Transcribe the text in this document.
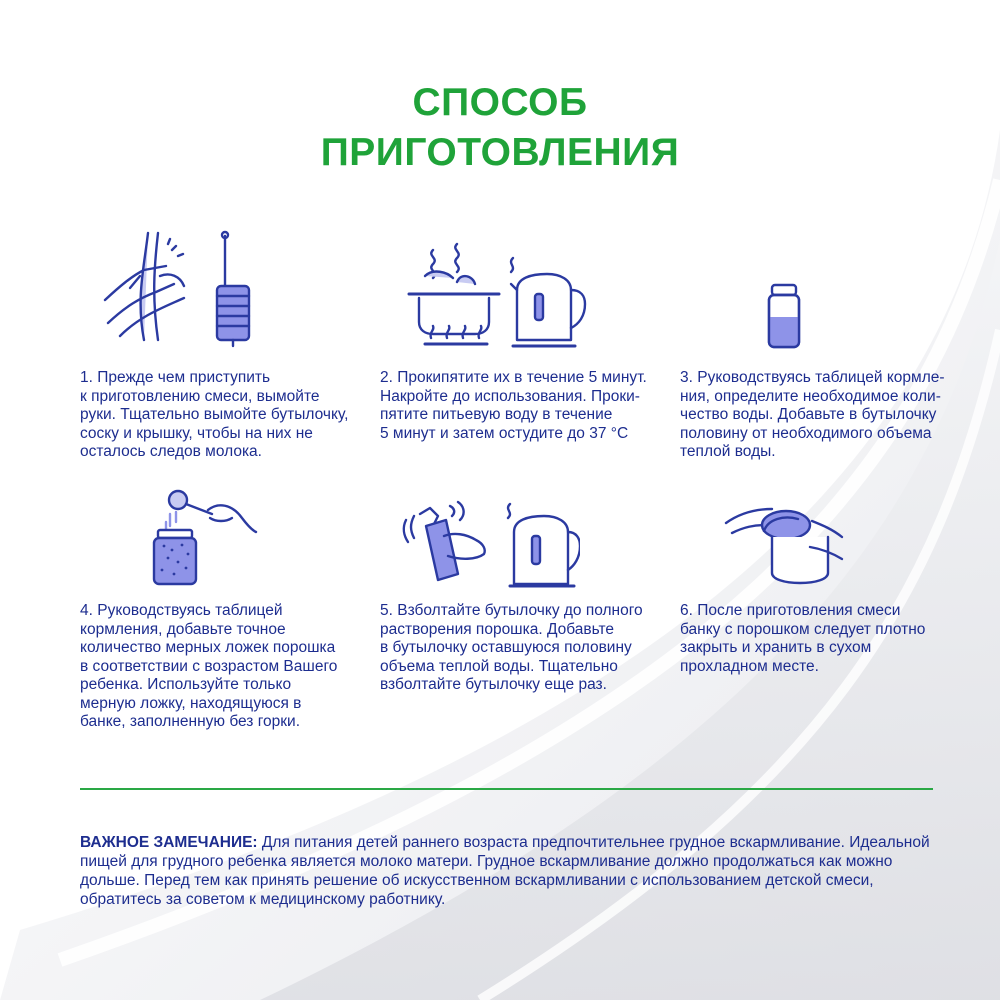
СПОСОБ
ПРИГОТОВЛЕНИЯ
1. Прежде чем приступить
к приготовлению смеси, вымойте
руки. Тщательно вымойте бутылочку,
соску и крышку, чтобы на них не
осталось следов молока.
2. Прокипятите их в течение 5 минут.
Накройте до использования. Проки-
пятите питьевую воду в течение
5 минут и затем остудите до 37 °С
3. Руководствуясь таблицей кормле-
ния, определите необходимое коли-
чество воды. Добавьте в бутылочку
половину от необходимого объема
теплой воды.
4. Руководствуясь таблицей
кормления, добавьте точное
количество мерных ложек порошка
в соответствии с возрастом Вашего
ребенка. Используйте только
мерную ложку, находящуюся в
банке, заполненную без горки.
5. Взболтайте бутылочку до полного
растворения порошка. Добавьте
в бутылочку оставшуюся половину
объема теплой воды. Тщательно
взболтайте бутылочку еще раз.
6. После приготовления смеси
банку с порошком следует плотно
закрыть и хранить в сухом
прохладном месте.
ВАЖНОЕ ЗАМЕЧАНИЕ: Для питания детей раннего возраста предпочтительнее грудное вскармливание. Идеальной
пищей для грудного ребенка является молоко матери. Грудное вскармливание должно продолжаться как можно
дольше. Перед тем как принять решение об искусственном вскармливании с использованием детской смеси,
обратитесь за советом к медицинскому работнику.
